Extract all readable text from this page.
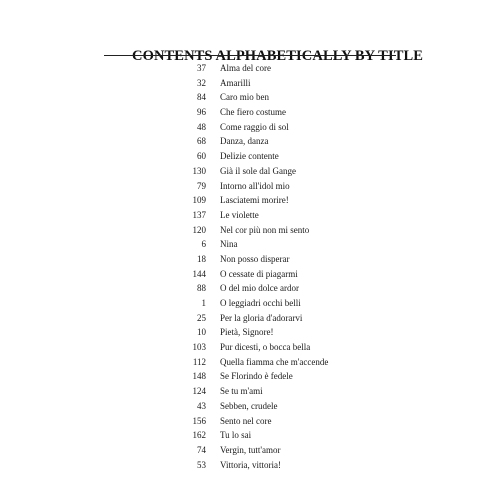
CONTENTS ALPHABETICALLY BY TITLE
37 Alma del core
32 Amarilli
84 Caro mio ben
96 Che fiero costume
48 Come raggio di sol
68 Danza, danza
60 Delizie contente
130 Già il sole dal Gange
79 Intorno all'idol mio
109 Lasciatemi morire!
137 Le violette
120 Nel cor più non mi sento
6 Nina
18 Non posso disperar
144 O cessate di piagarmi
88 O del mio dolce ardor
1 O leggiadri occhi belli
25 Per la gloria d'adorarvi
10 Pietà, Signore!
103 Pur dicesti, o bocca bella
112 Quella fiamma che m'accende
148 Se Florindo è fedele
124 Se tu m'ami
43 Sebben, crudele
156 Sento nel core
162 Tu lo sai
74 Vergin, tutt'amor
53 Vittoria, vittoria!
